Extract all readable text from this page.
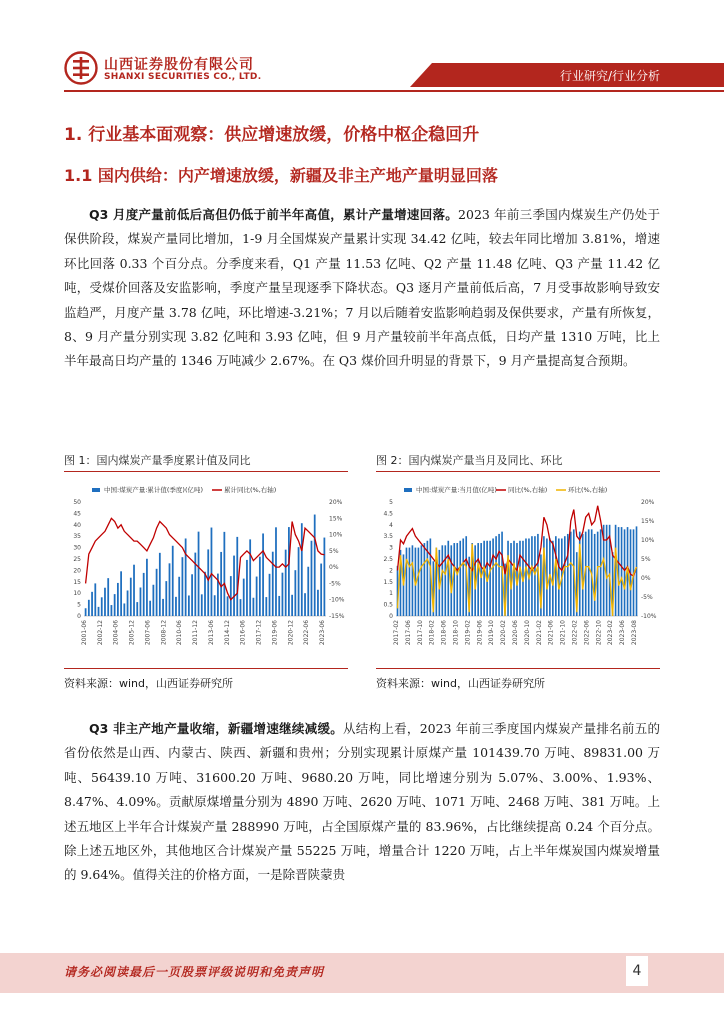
山西证券股份有限公司
SHANXI SECURITIES CO., LTD.	行业研究/行业分析
1. 行业基本面观察：供应增速放缓，价格中枢企稳回升
1.1 国内供给：内产增速放缓，新疆及非主产地产量明显回落
Q3 月度产量前低后高但仍低于前半年高值，累计产量增速回落。2023 年前三季国内煤炭生产仍处于保供阶段，煤炭产量同比增加，1-9 月全国煤炭产量累计实现 34.42 亿吨，较去年同比增加 3.81%，增速环比回落 0.33 个百分点。分季度来看，Q1 产量 11.53 亿吨、Q2 产量 11.48 亿吨、Q3 产量 11.42 亿吨，受煤价回落及安监影响，季度产量呈现逐季下降状态。Q3 逐月产量前低后高，7 月受事故影响导致安监趋严，月度产量 3.78 亿吨，环比增速-3.21%；7 月以后随着安监影响趋弱及保供要求，产量有所恢复，8、9 月产量分别实现 3.82 亿吨和 3.93 亿吨，但 9 月产量较前半年高点低，日均产量 1310 万吨，比上半年最高日均产量的 1346 万吨减少 2.67%。在 Q3 煤价回升明显的背景下，9 月产量提高复合预期。
图 1：国内煤炭产量季度累计值及同比
中国:煤炭产量:累计值(季度)(亿吨)	累计同比(%,右轴)
0
5
10
15
20
25
30
35
40
45
50
-15%
-10%
-5%
0%
5%
10%
15%
20%
2001-06 2002-12 2004-06 2005-12 2007-06 2008-12 2010-06 2011-12 2013-06 2014-12 2016-06 2017-12 2019-06 2020-12 2022-06 2023-06
资料来源：wind，山西证券研究所
图 2：国内煤炭产量当月及同比、环比
中国:煤炭产量:当月值(亿吨) 同比(%,右轴)	环比(%,右轴)
0
0.5
1
1.5
2
2.5
3
3.5
4
4.5
5
-10%
-5%
0%
5%
10%
15%
20%
2017-02 2017-06 2017-10 2018-02 2018-06 2018-10 2019-02 2019-06 2019-10 2020-02 2020-06 2020-10 2021-02 2021-06 2021-10 2022-02 2022-06 2022-10 2023-02 2023-06 2023-08
资料来源：wind，山西证券研究所
Q3 非主产地产量收缩，新疆增速继续减缓。从结构上看，2023 年前三季度国内煤炭产量排名前五的省份依然是山西、内蒙古、陕西、新疆和贵州；分别实现累计原煤产量 101439.70 万吨、89831.00 万吨、56439.10 万吨、31600.20 万吨、9680.20 万吨，同比增速分别为 5.07%、3.00%、1.93%、8.47%、4.09%。贡献原煤增量分别为 4890 万吨、2620 万吨、1071 万吨、2468 万吨、381 万吨。上述五地区上半年合计煤炭产量 288990 万吨，占全国原煤产量的 83.96%，占比继续提高 0.24 个百分点。除上述五地区外，其他地区合计煤炭产量 55225 万吨，增量合计 1220 万吨，占上半年煤炭国内煤炭增量的 9.64%。值得关注的价格方面，一是除晋陕蒙贵
请务必阅读最后一页股票评级说明和免责声明	4
